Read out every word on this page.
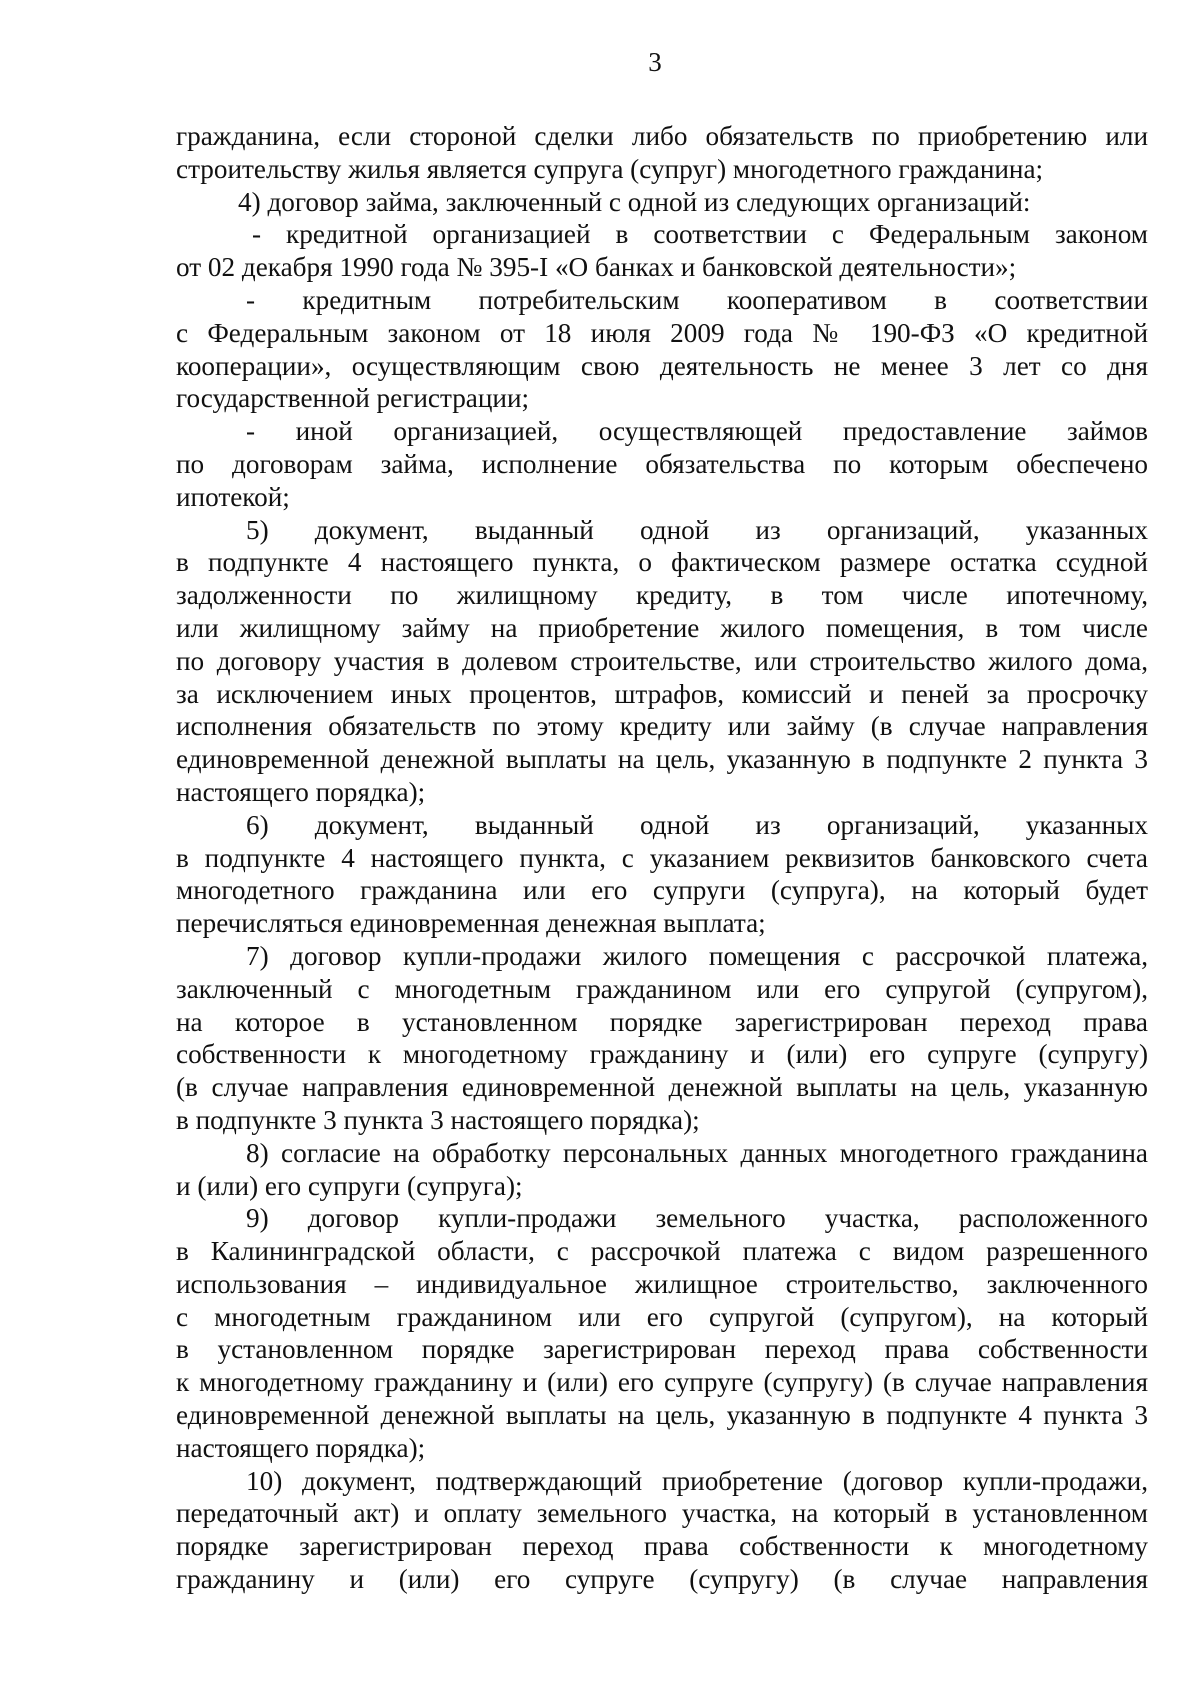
3
гражданина, если стороной сделки либо обязательств по приобретению или
строительству жилья является супруга (супруг) многодетного гражданина;
4) договор займа, заключенный с одной из следующих организаций:
- кредитной организацией в соответствии с Федеральным законом
от 02 декабря 1990 года № 395-I «О банках и банковской деятельности»;
- кредитным потребительским кооперативом в соответствии
с Федеральным законом от 18 июля 2009 года № 190-ФЗ «О кредитной
кооперации», осуществляющим свою деятельность не менее 3 лет со дня
государственной регистрации;
- иной организацией, осуществляющей предоставление займов
по договорам займа, исполнение обязательства по которым обеспечено
ипотекой;
5) документ, выданный одной из организаций, указанных
в подпункте 4 настоящего пункта, о фактическом размере остатка ссудной
задолженности по жилищному кредиту, в том числе ипотечному,
или жилищному займу на приобретение жилого помещения, в том числе
по договору участия в долевом строительстве, или строительство жилого дома,
за исключением иных процентов, штрафов, комиссий и пеней за просрочку
исполнения обязательств по этому кредиту или займу (в случае направления
единовременной денежной выплаты на цель, указанную в подпункте 2 пункта 3
настоящего порядка);
6) документ, выданный одной из организаций, указанных
в подпункте 4 настоящего пункта, с указанием реквизитов банковского счета
многодетного гражданина или его супруги (супруга), на который будет
перечисляться единовременная денежная выплата;
7) договор купли-продажи жилого помещения с рассрочкой платежа,
заключенный с многодетным гражданином или его супругой (супругом),
на которое в установленном порядке зарегистрирован переход права
собственности к многодетному гражданину и (или) его супруге (супругу)
(в случае направления единовременной денежной выплаты на цель, указанную
в подпункте 3 пункта 3 настоящего порядка);
8) согласие на обработку персональных данных многодетного гражданина
и (или) его супруги (супруга);
9) договор купли-продажи земельного участка, расположенного
в Калининградской области, с рассрочкой платежа с видом разрешенного
использования – индивидуальное жилищное строительство, заключенного
с многодетным гражданином или его супругой (супругом), на который
в установленном порядке зарегистрирован переход права собственности
к многодетному гражданину и (или) его супруге (супругу) (в случае направления
единовременной денежной выплаты на цель, указанную в подпункте 4 пункта 3
настоящего порядка);
10) документ, подтверждающий приобретение (договор купли-продажи,
передаточный акт) и оплату земельного участка, на который в установленном
порядке зарегистрирован переход права собственности к многодетному
гражданину и (или) его супруге (супругу) (в случае направления
